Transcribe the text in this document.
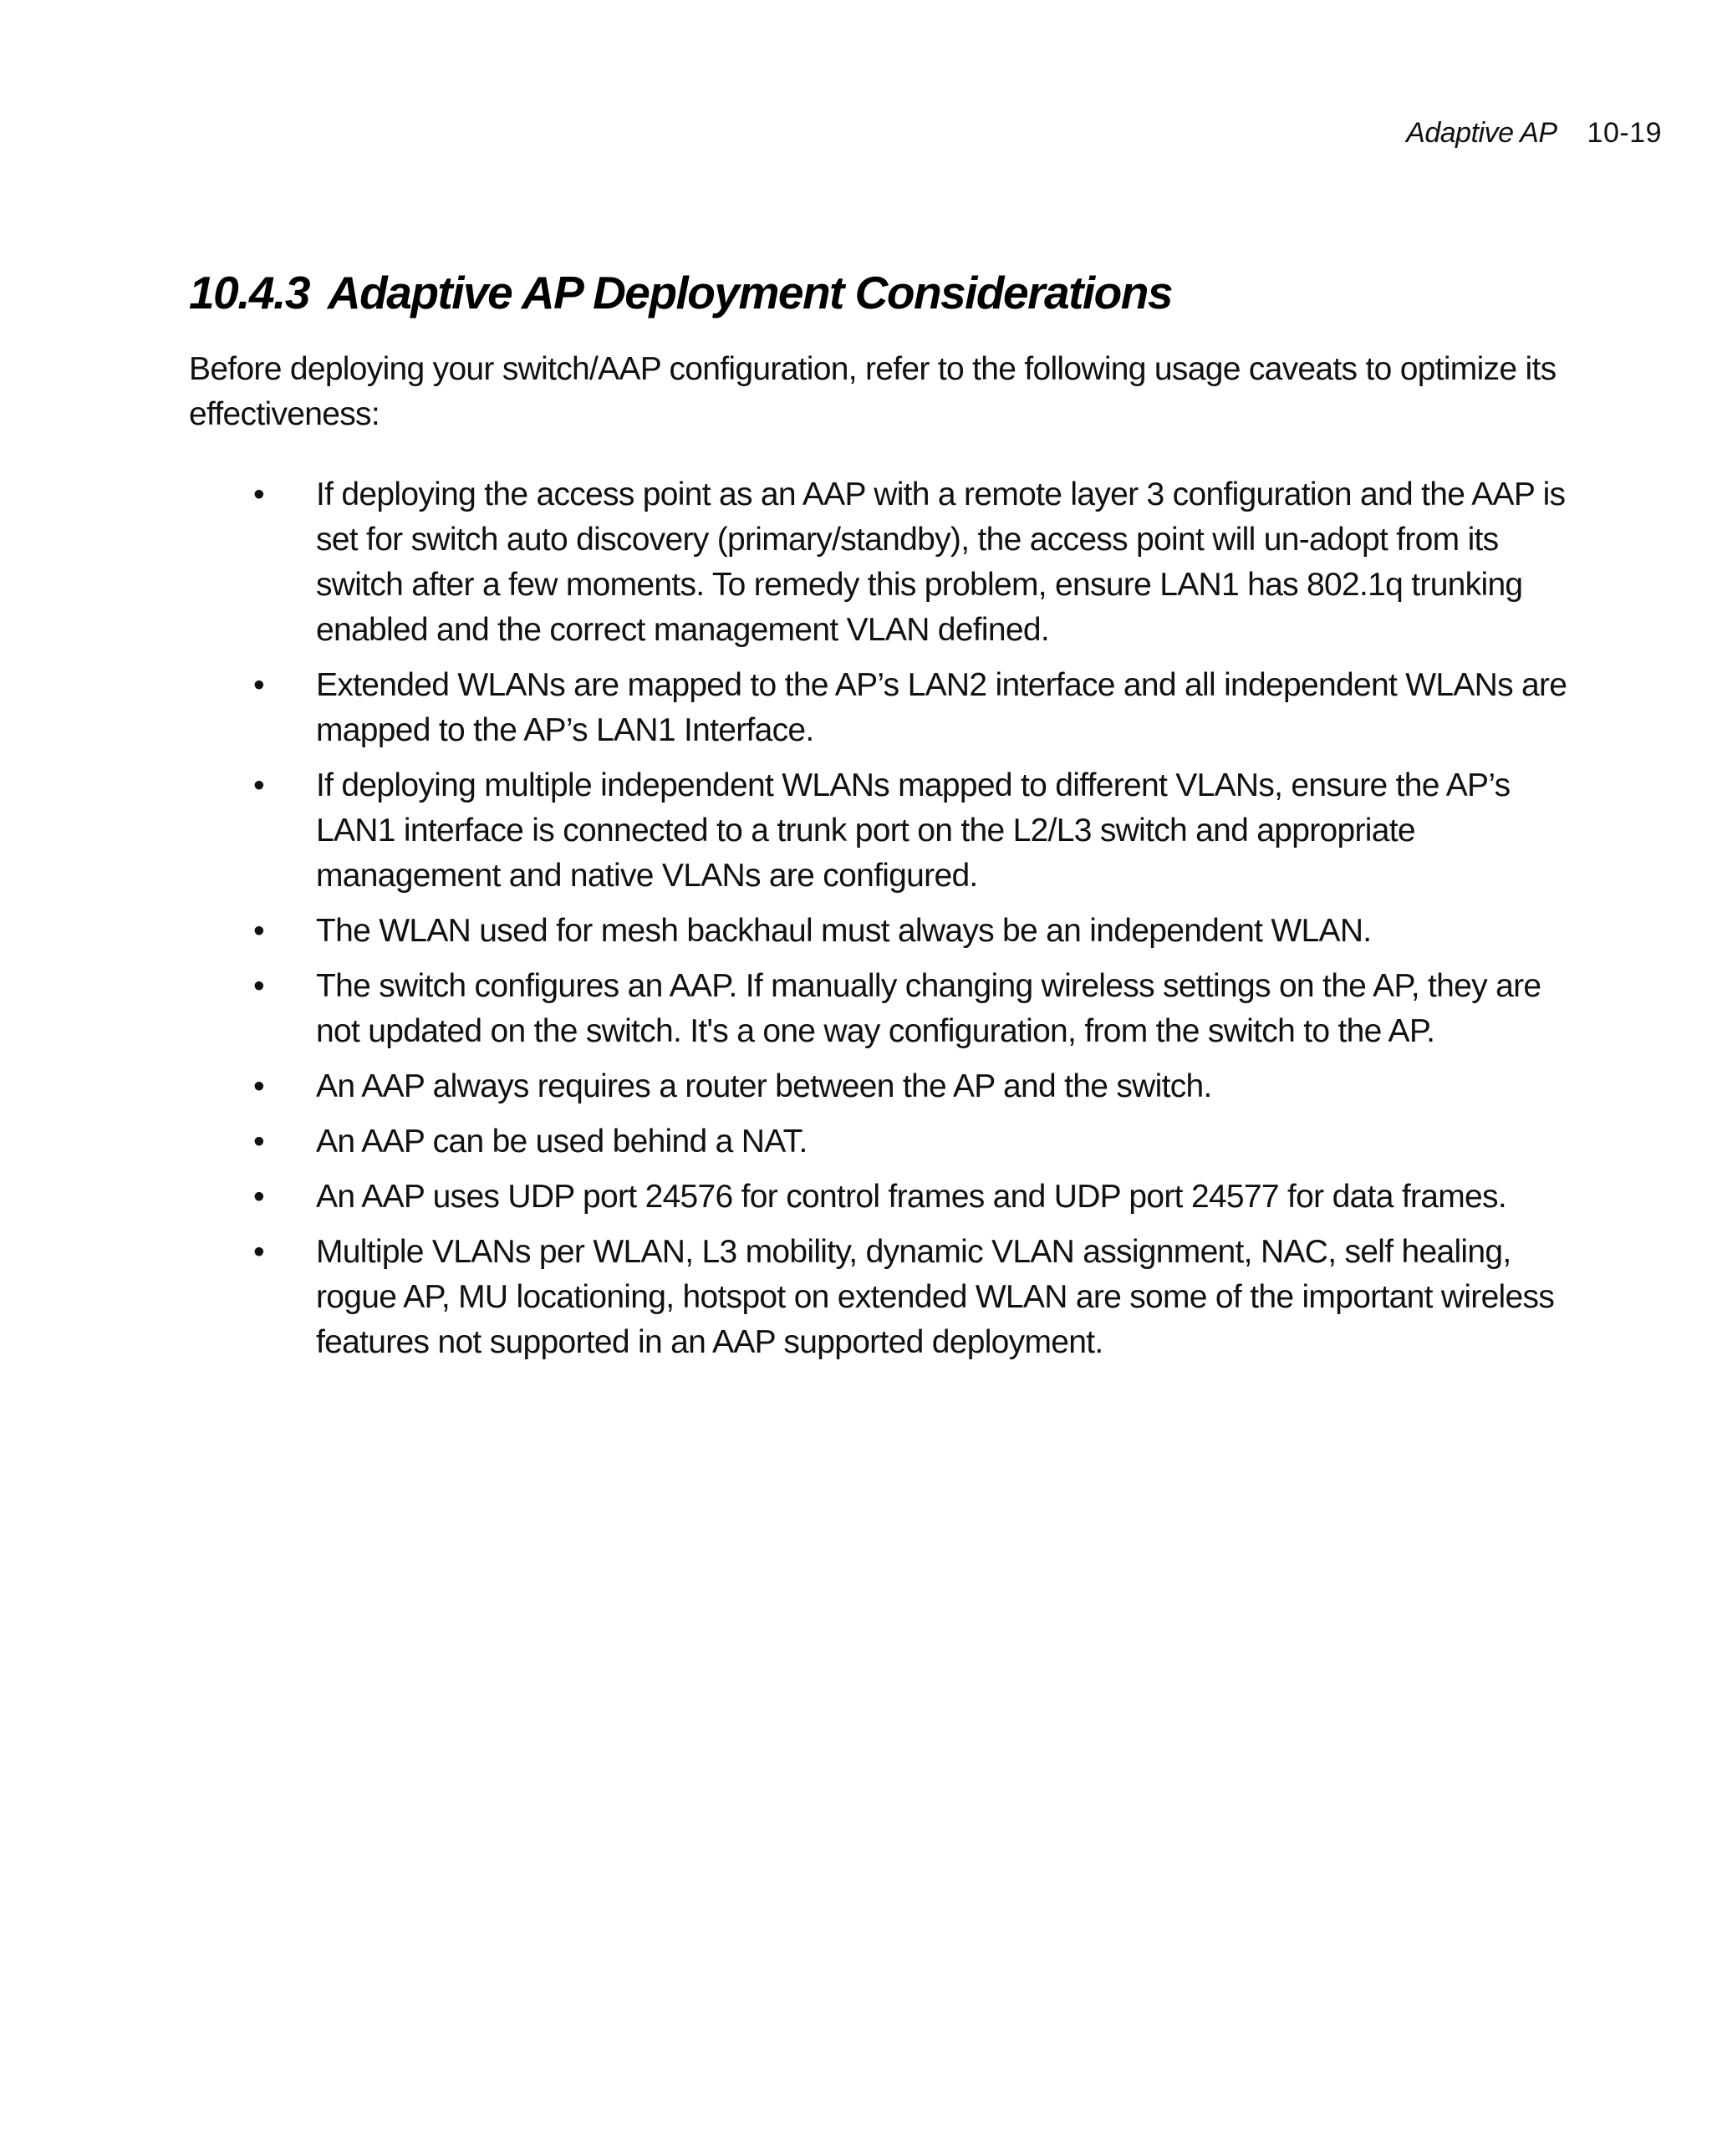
Adaptive AP 10-19
10.4.3 Adaptive AP Deployment Considerations

Before deploying your switch/AAP configuration, refer to the following usage caveats to optimize its effectiveness:

• If deploying the access point as an AAP with a remote layer 3 configuration and the AAP is set for switch auto discovery (primary/standby), the access point will un-adopt from its switch after a few moments. To remedy this problem, ensure LAN1 has 802.1q trunking enabled and the correct management VLAN defined.
• Extended WLANs are mapped to the AP’s LAN2 interface and all independent WLANs are mapped to the AP’s LAN1 Interface.
• If deploying multiple independent WLANs mapped to different VLANs, ensure the AP’s LAN1 interface is connected to a trunk port on the L2/L3 switch and appropriate management and native VLANs are configured.
• The WLAN used for mesh backhaul must always be an independent WLAN.
• The switch configures an AAP. If manually changing wireless settings on the AP, they are not updated on the switch. It's a one way configuration, from the switch to the AP.
• An AAP always requires a router between the AP and the switch.
• An AAP can be used behind a NAT.
• An AAP uses UDP port 24576 for control frames and UDP port 24577 for data frames.
• Multiple VLANs per WLAN, L3 mobility, dynamic VLAN assignment, NAC, self healing, rogue AP, MU locationing, hotspot on extended WLAN are some of the important wireless features not supported in an AAP supported deployment.
